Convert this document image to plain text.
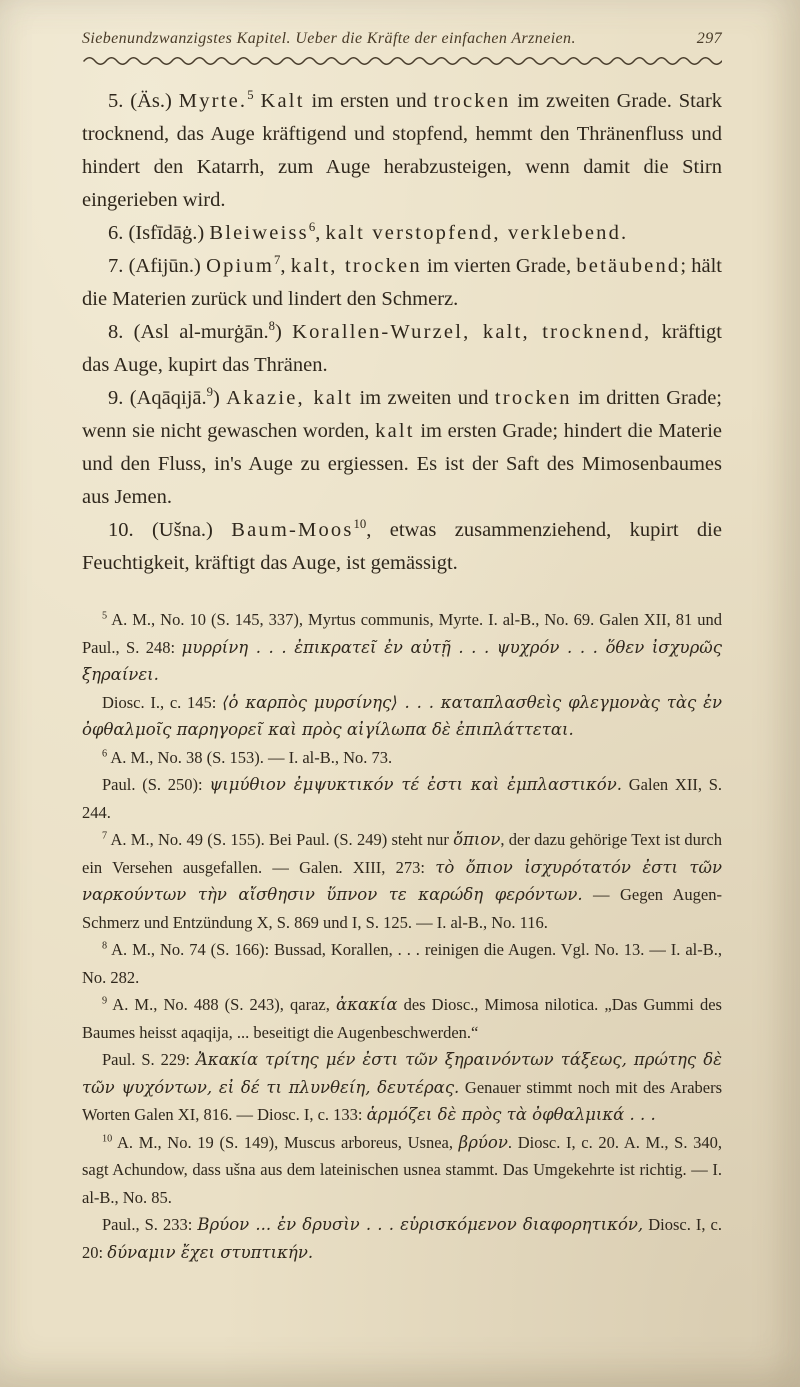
Siebenundzwanzigstes Kapitel. Ueber die Kräfte der einfachen Arzneien.	297

5. (Äs.) Myrte.$^5$ Kalt im ersten und trocken im zweiten Grade. Stark trocknend, das Auge kräftigend und stopfend, hemmt den Thränenfluss und hindert den Katarrh, zum Auge herabzusteigen, wenn damit die Stirn eingerieben wird.

6. (Isfīdāġ.) Bleiweiss$^6$, kalt verstopfend, verklebend.

7. (Afijūn.) Opium$^7$, kalt, trocken im vierten Grade, betäubend; hält die Materien zurück und lindert den Schmerz.

8. (Asl al-murġān.$^8$) Korallen-Wurzel, kalt, trocknend, kräftigt das Auge, kupirt das Thränen.

9. (Aqāqijā.$^9$) Akazie, kalt im zweiten und trocken im dritten Grade; wenn sie nicht gewaschen worden, kalt im ersten Grade; hindert die Materie und den Fluss, in's Auge zu ergiessen. Es ist der Saft des Mimosenbaumes aus Jemen.

10. (Ušna.) Baum-Moos$^{10}$, etwas zusammenziehend, kupirt die Feuchtigkeit, kräftigt das Auge, ist gemässigt.

$^5$ A. M., No. 10 (S. 145, 337), Myrtus communis, Myrte. I. al-B., No. 69. Galen XII, 81 und Paul., S. 248: μυρρίνη . . . ἐπικρατεῖ ἐν αὐτῇ . . . ψυχρόν . . . ὅθεν ἰσχυρῶς ξηραίνει.

Diosc. I., c. 145: ⟨ὁ καρπὸς μυρσίνης⟩ . . . καταπλασθεὶς φλεγμονὰς τὰς ἐν ὀφθαλμοῖς παρηγορεῖ καὶ πρὸς αἰγίλωπα δὲ ἐπιπλάττεται.

$^6$ A. M., No. 38 (S. 153). — I. al-B., No. 73.

Paul. (S. 250): ψιμύθιον ἐμψυκτικόν τέ ἐστι καὶ ἐμπλαστικόν. Galen XII, S. 244.

$^7$ A. M., No. 49 (S. 155). Bei Paul. (S. 249) steht nur ὄπιον, der dazu gehörige Text ist durch ein Versehen ausgefallen. — Galen. XIII, 273: τὸ ὄπιον ἰσχυρότατόν ἐστι τῶν ναρκούντων τὴν αἴσθησιν ὕπνον τε καρώδη φερόντων. — Gegen Augen-Schmerz und Entzündung X, S. 869 und I, S. 125. — I. al-B., No. 116.

$^8$ A. M., No. 74 (S. 166): Bussad, Korallen, . . . reinigen die Augen. Vgl. No. 13. — I. al-B., No. 282.

$^9$ A. M., No. 488 (S. 243), qaraz, ἀκακία des Diosc., Mimosa nilotica. „Das Gummi des Baumes heisst aqaqija, ... beseitigt die Augenbeschwerden.“

Paul. S. 229: Ἀκακία τρίτης μέν ἐστι τῶν ξηραινόντων τάξεως, πρώτης δὲ τῶν ψυχόντων, εἰ δέ τι πλυνθείη, δευτέρας. Genauer stimmt noch mit des Arabers Worten Galen XI, 816. — Diosc. I, c. 133: ἁρμόζει δὲ πρὸς τὰ ὀφθαλμικά . . .

$^{10}$ A. M., No. 19 (S. 149), Muscus arboreus, Usnea, βρύον. Diosc. I, c. 20. A. M., S. 340, sagt Achundow, dass ušna aus dem lateinischen usnea stammt. Das Umgekehrte ist richtig. — I. al-B., No. 85.

Paul., S. 233: Βρύον ... ἐν δρυσὶν . . . εὑρισκόμενον διαφορητικόν, Diosc. I, c. 20: δύναμιν ἔχει στυπτικήν.
